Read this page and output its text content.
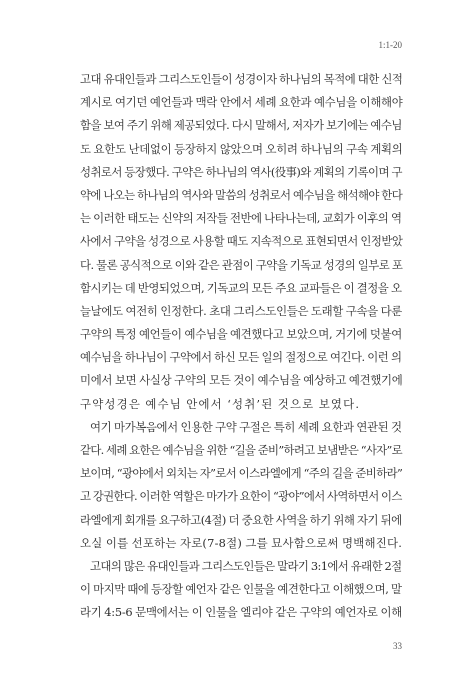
1:1-20
고대 유대인들과 그리스도인들이 성경이자 하나님의 목적에 대한 신적
계시로 여기던 예언들과 맥락 안에서 세례 요한과 예수님을 이해해야
함을 보여 주기 위해 제공되었다. 다시 말해서, 저자가 보기에는 예수님
도 요한도 난데없이 등장하지 않았으며 오히려 하나님의 구속 계획의
성취로서 등장했다. 구약은 하나님의 역사(役事)와 계획의 기록이며 구
약에 나오는 하나님의 역사와 말씀의 성취로서 예수님을 해석해야 한다
는 이러한 태도는 신약의 저작들 전반에 나타나는데, 교회가 이후의 역
사에서 구약을 성경으로 사용할 때도 지속적으로 표현되면서 인정받았
다. 물론 공식적으로 이와 같은 관점이 구약을 기독교 성경의 일부로 포
함시키는 데 반영되었으며, 기독교의 모든 주요 교파들은 이 결정을 오
늘날에도 여전히 인정한다. 초대 그리스도인들은 도래할 구속을 다룬
구약의 특정 예언들이 예수님을 예견했다고 보았으며, 거기에 덧붙여
예수님을 하나님이 구약에서 하신 모든 일의 절정으로 여긴다. 이런 의
미에서 보면 사실상 구약의 모든 것이 예수님을 예상하고 예견했기에
구약성경은 예수님 안에서 ‘성취’된 것으로 보였다.
여기 마가복음에서 인용한 구약 구절은 특히 세례 요한과 연관된 것
같다. 세례 요한은 예수님을 위한 “길을 준비”하려고 보냄받은 “사자”로
보이며, “광야에서 외치는 자”로서 이스라엘에게 “주의 길을 준비하라”
고 강권한다. 이러한 역할은 마가가 요한이 “광야”에서 사역하면서 이스
라엘에게 회개를 요구하고(4절) 더 중요한 사역을 하기 위해 자기 뒤에
오실 이를 선포하는 자로(7-8절) 그를 묘사함으로써 명백해진다.
고대의 많은 유대인들과 그리스도인들은 말라기 3:1에서 유래한 2절
이 마지막 때에 등장할 예언자 같은 인물을 예견한다고 이해했으며, 말
라기 4:5-6 문맥에서는 이 인물을 엘리야 같은 구약의 예언자로 이해
33
